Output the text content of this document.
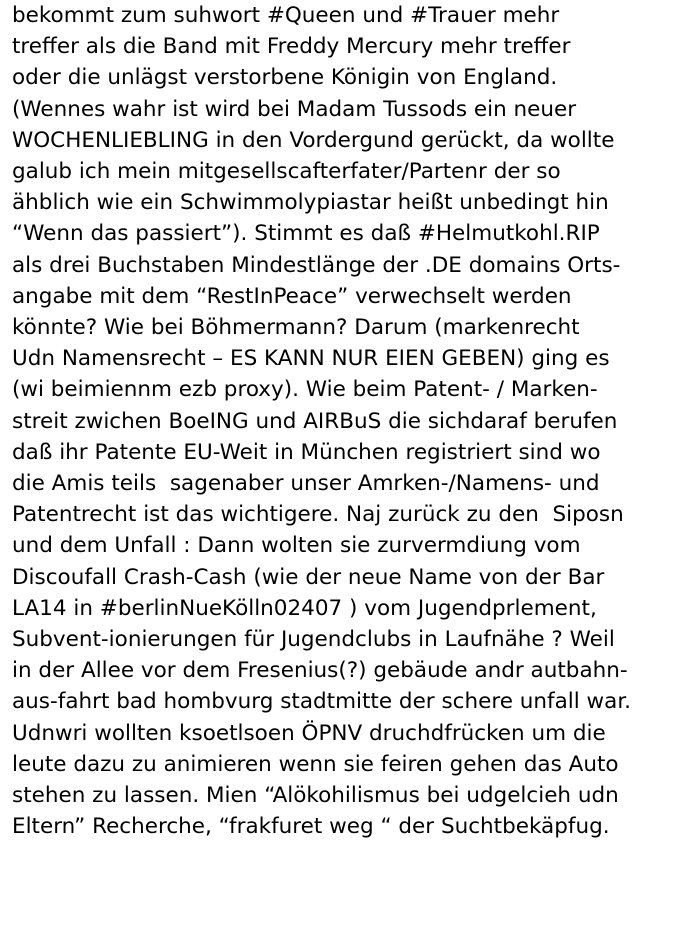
bekommt zum suhwort #Queen und #Trauer mehr
treffer als die Band mit Freddy Mercury mehr treffer
oder die unlägst verstorbene Königin von England.
(Wennes wahr ist wird bei Madam Tussods ein neuer
WOCHENLIEBLING in den Vordergund gerückt, da wollte
galub ich mein mitgesellscafterfater/Partenr der so
ähblich wie ein Schwimmolypiastar heißt unbedingt hin
“Wenn das passiert”). Stimmt es daß #Helmutkohl.RIP
als drei Buchstaben Mindestlänge der .DE domains Orts-
angabe mit dem “RestInPeace” verwechselt werden
könnte? Wie bei Böhmermann? Darum (markenrecht
Udn Namensrecht – ES KANN NUR EIEN GEBEN) ging es
(wi beimiennm ezb proxy). Wie beim Patent- / Marken-
streit zwichen BoeING und AIRBuS die sichdaraf berufen
daß ihr Patente EU-Weit in München registriert sind wo
die Amis teils  sagenaber unser Amrken-/Namens- und
Patentrecht ist das wichtigere. Naj zurück zu den  Siposn
und dem Unfall : Dann wolten sie zurvermdiung vom
Discoufall Crash-Cash (wie der neue Name von der Bar
LA14 in #berlinNueKölln02407 ) vom Jugendprlement,
Subvent-ionierungen für Jugendclubs in Laufnähe ? Weil
in der Allee vor dem Fresenius(?) gebäude andr autbahn-
aus-fahrt bad hombvurg stadtmitte der schere unfall war.
Udnwri wollten ksoetlsoen ÖPNV druchdfrücken um die
leute dazu zu animieren wenn sie feiren gehen das Auto
stehen zu lassen. Mien “Alökohilismus bei udgelcieh udn
Eltern” Recherche, “frakfuret weg “ der Suchtbekäpfug.
